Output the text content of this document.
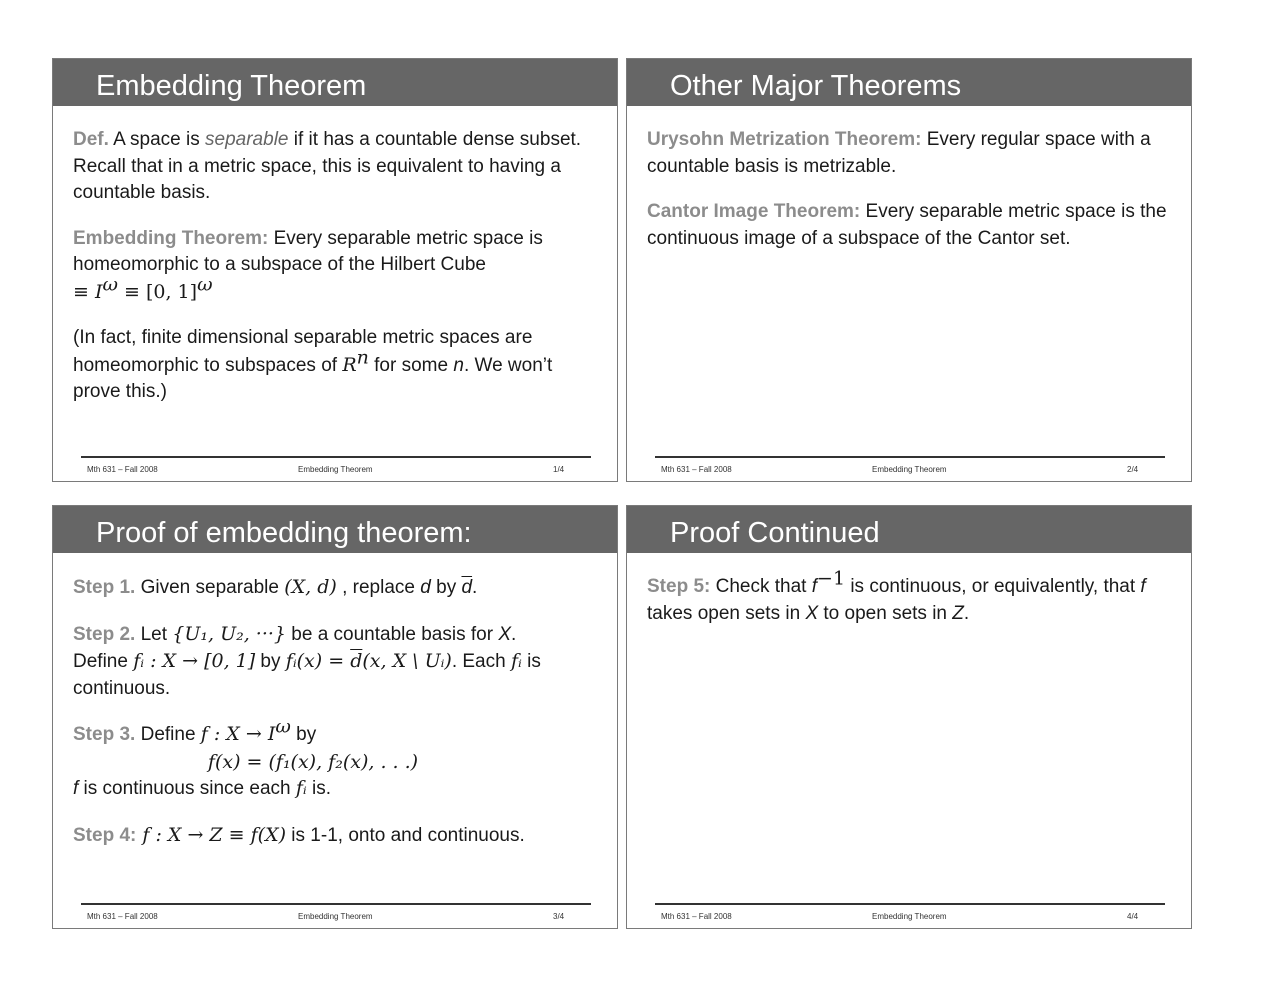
Embedding Theorem
Def. A space is separable if it has a countable dense subset. Recall that in a metric space, this is equivalent to having a countable basis.
Embedding Theorem: Every separable metric space is homeomorphic to a subspace of the Hilbert Cube
≡ $I^\omega \equiv [0$, 1]$^\omega$
(In fact, finite dimensional separable metric spaces are homeomorphic to subspaces of $R^n$ for some n. We won’t prove this.)
Mth 631 – Fall 2008	Embedding Theorem	1/4
Other Major Theorems
Urysohn Metrization Theorem: Every regular space with a countable basis is metrizable.
Cantor Image Theorem: Every separable metric space is the continuous image of a subspace of the Cantor set.
Mth 631 – Fall 2008	Embedding Theorem	2/4
Proof of embedding theorem:
Step 1. Given separable (X, d) , replace d by $\overline{d}$.
Step 2. Let {U₁, U₂, ···} be a countable basis for X.
Define fᵢ : X → [0, 1] by fᵢ(x) = $\overline{d}(x$, X \ Uᵢ). Each fᵢ is continuous.
Step 3. Define f : $X \to I^\omega$ by
f(x) = (f₁(x), f₂(x), . . .)
f is continuous since each fᵢ is.
Step 4: f : X → Z ≡ f(X) is 1-1, onto and continuous.
Mth 631 – Fall 2008	Embedding Theorem	3/4
Proof Continued
Step 5: Check that $f^{-1}$ is continuous, or equivalently, that f takes open sets in X to open sets in Z.
Mth 631 – Fall 2008	Embedding Theorem	4/4
